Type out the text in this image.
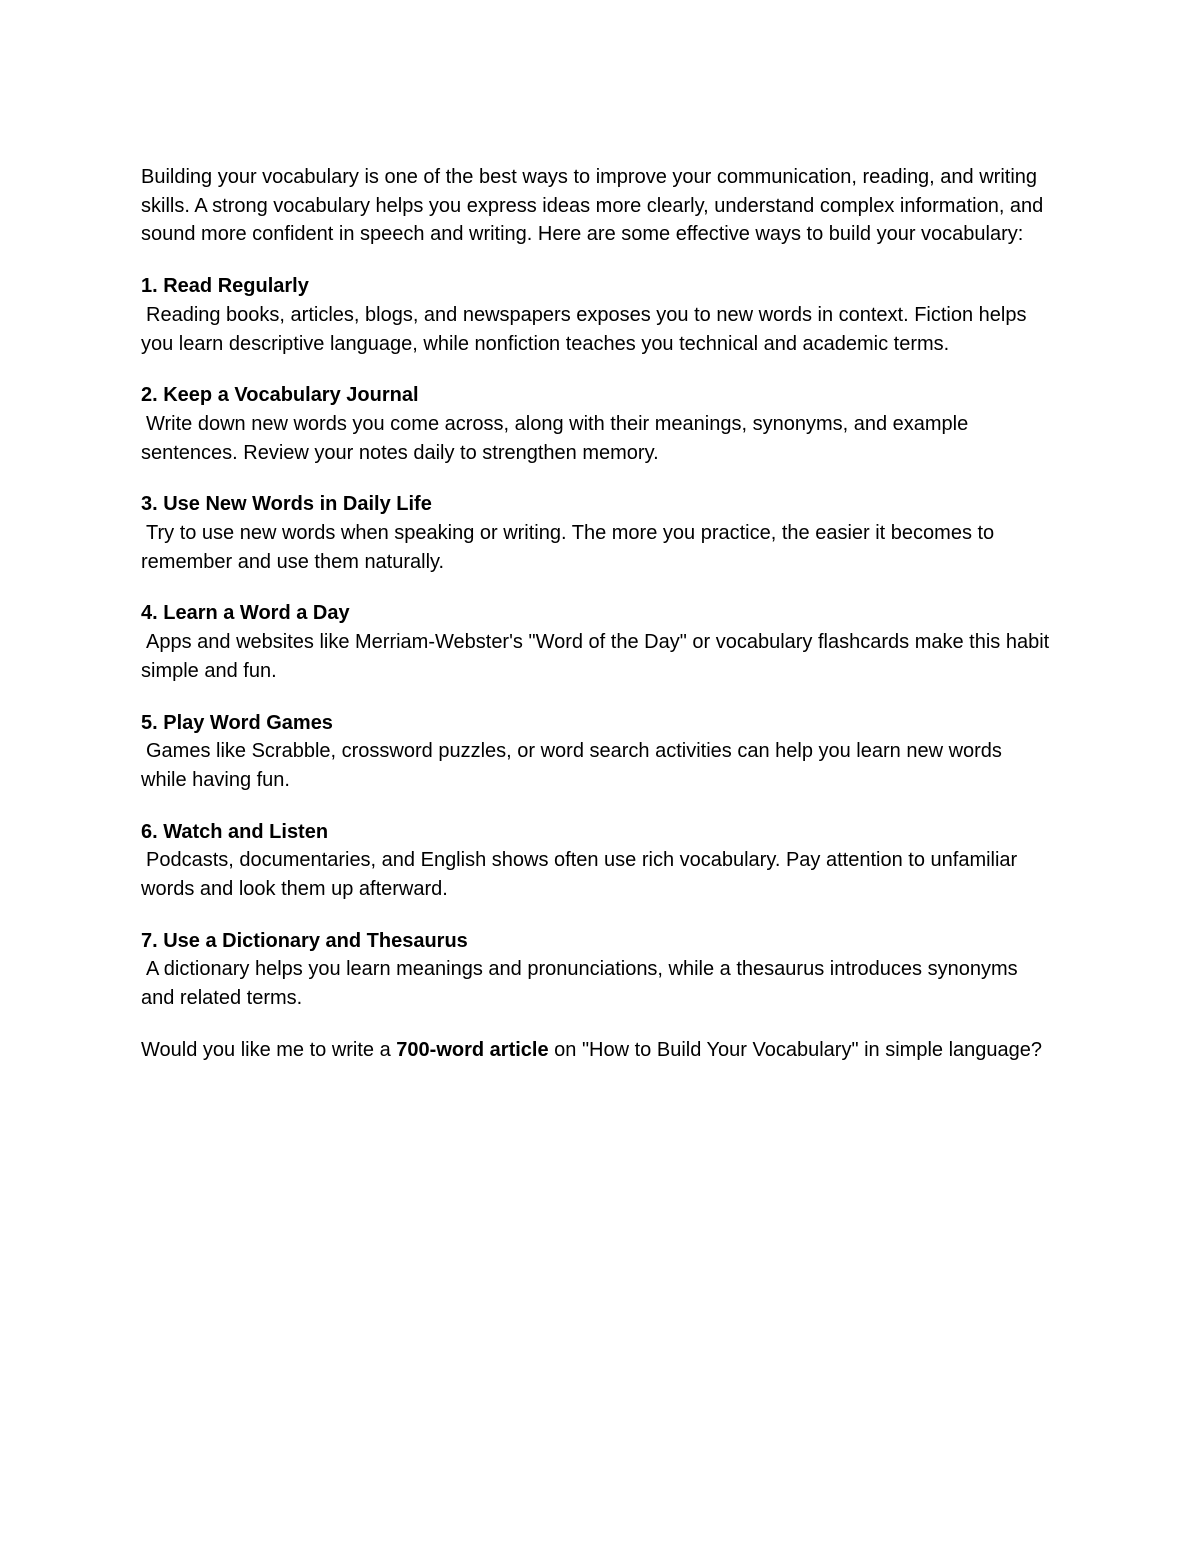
Building your vocabulary is one of the best ways to improve your communication, reading, and writing skills. A strong vocabulary helps you express ideas more clearly, understand complex information, and sound more confident in speech and writing. Here are some effective ways to build your vocabulary:

1. Read Regularly
Reading books, articles, blogs, and newspapers exposes you to new words in context. Fiction helps you learn descriptive language, while nonfiction teaches you technical and academic terms.
2. Keep a Vocabulary Journal
Write down new words you come across, along with their meanings, synonyms, and example sentences. Review your notes daily to strengthen memory.
3. Use New Words in Daily Life
Try to use new words when speaking or writing. The more you practice, the easier it becomes to remember and use them naturally.
4. Learn a Word a Day
Apps and websites like Merriam-Webster's "Word of the Day" or vocabulary flashcards make this habit simple and fun.
5. Play Word Games
Games like Scrabble, crossword puzzles, or word search activities can help you learn new words while having fun.
6. Watch and Listen
Podcasts, documentaries, and English shows often use rich vocabulary. Pay attention to unfamiliar words and look them up afterward.
7. Use a Dictionary and Thesaurus
A dictionary helps you learn meanings and pronunciations, while a thesaurus introduces synonyms and related terms.

Would you like me to write a 700-word article on "How to Build Your Vocabulary" in simple language?
